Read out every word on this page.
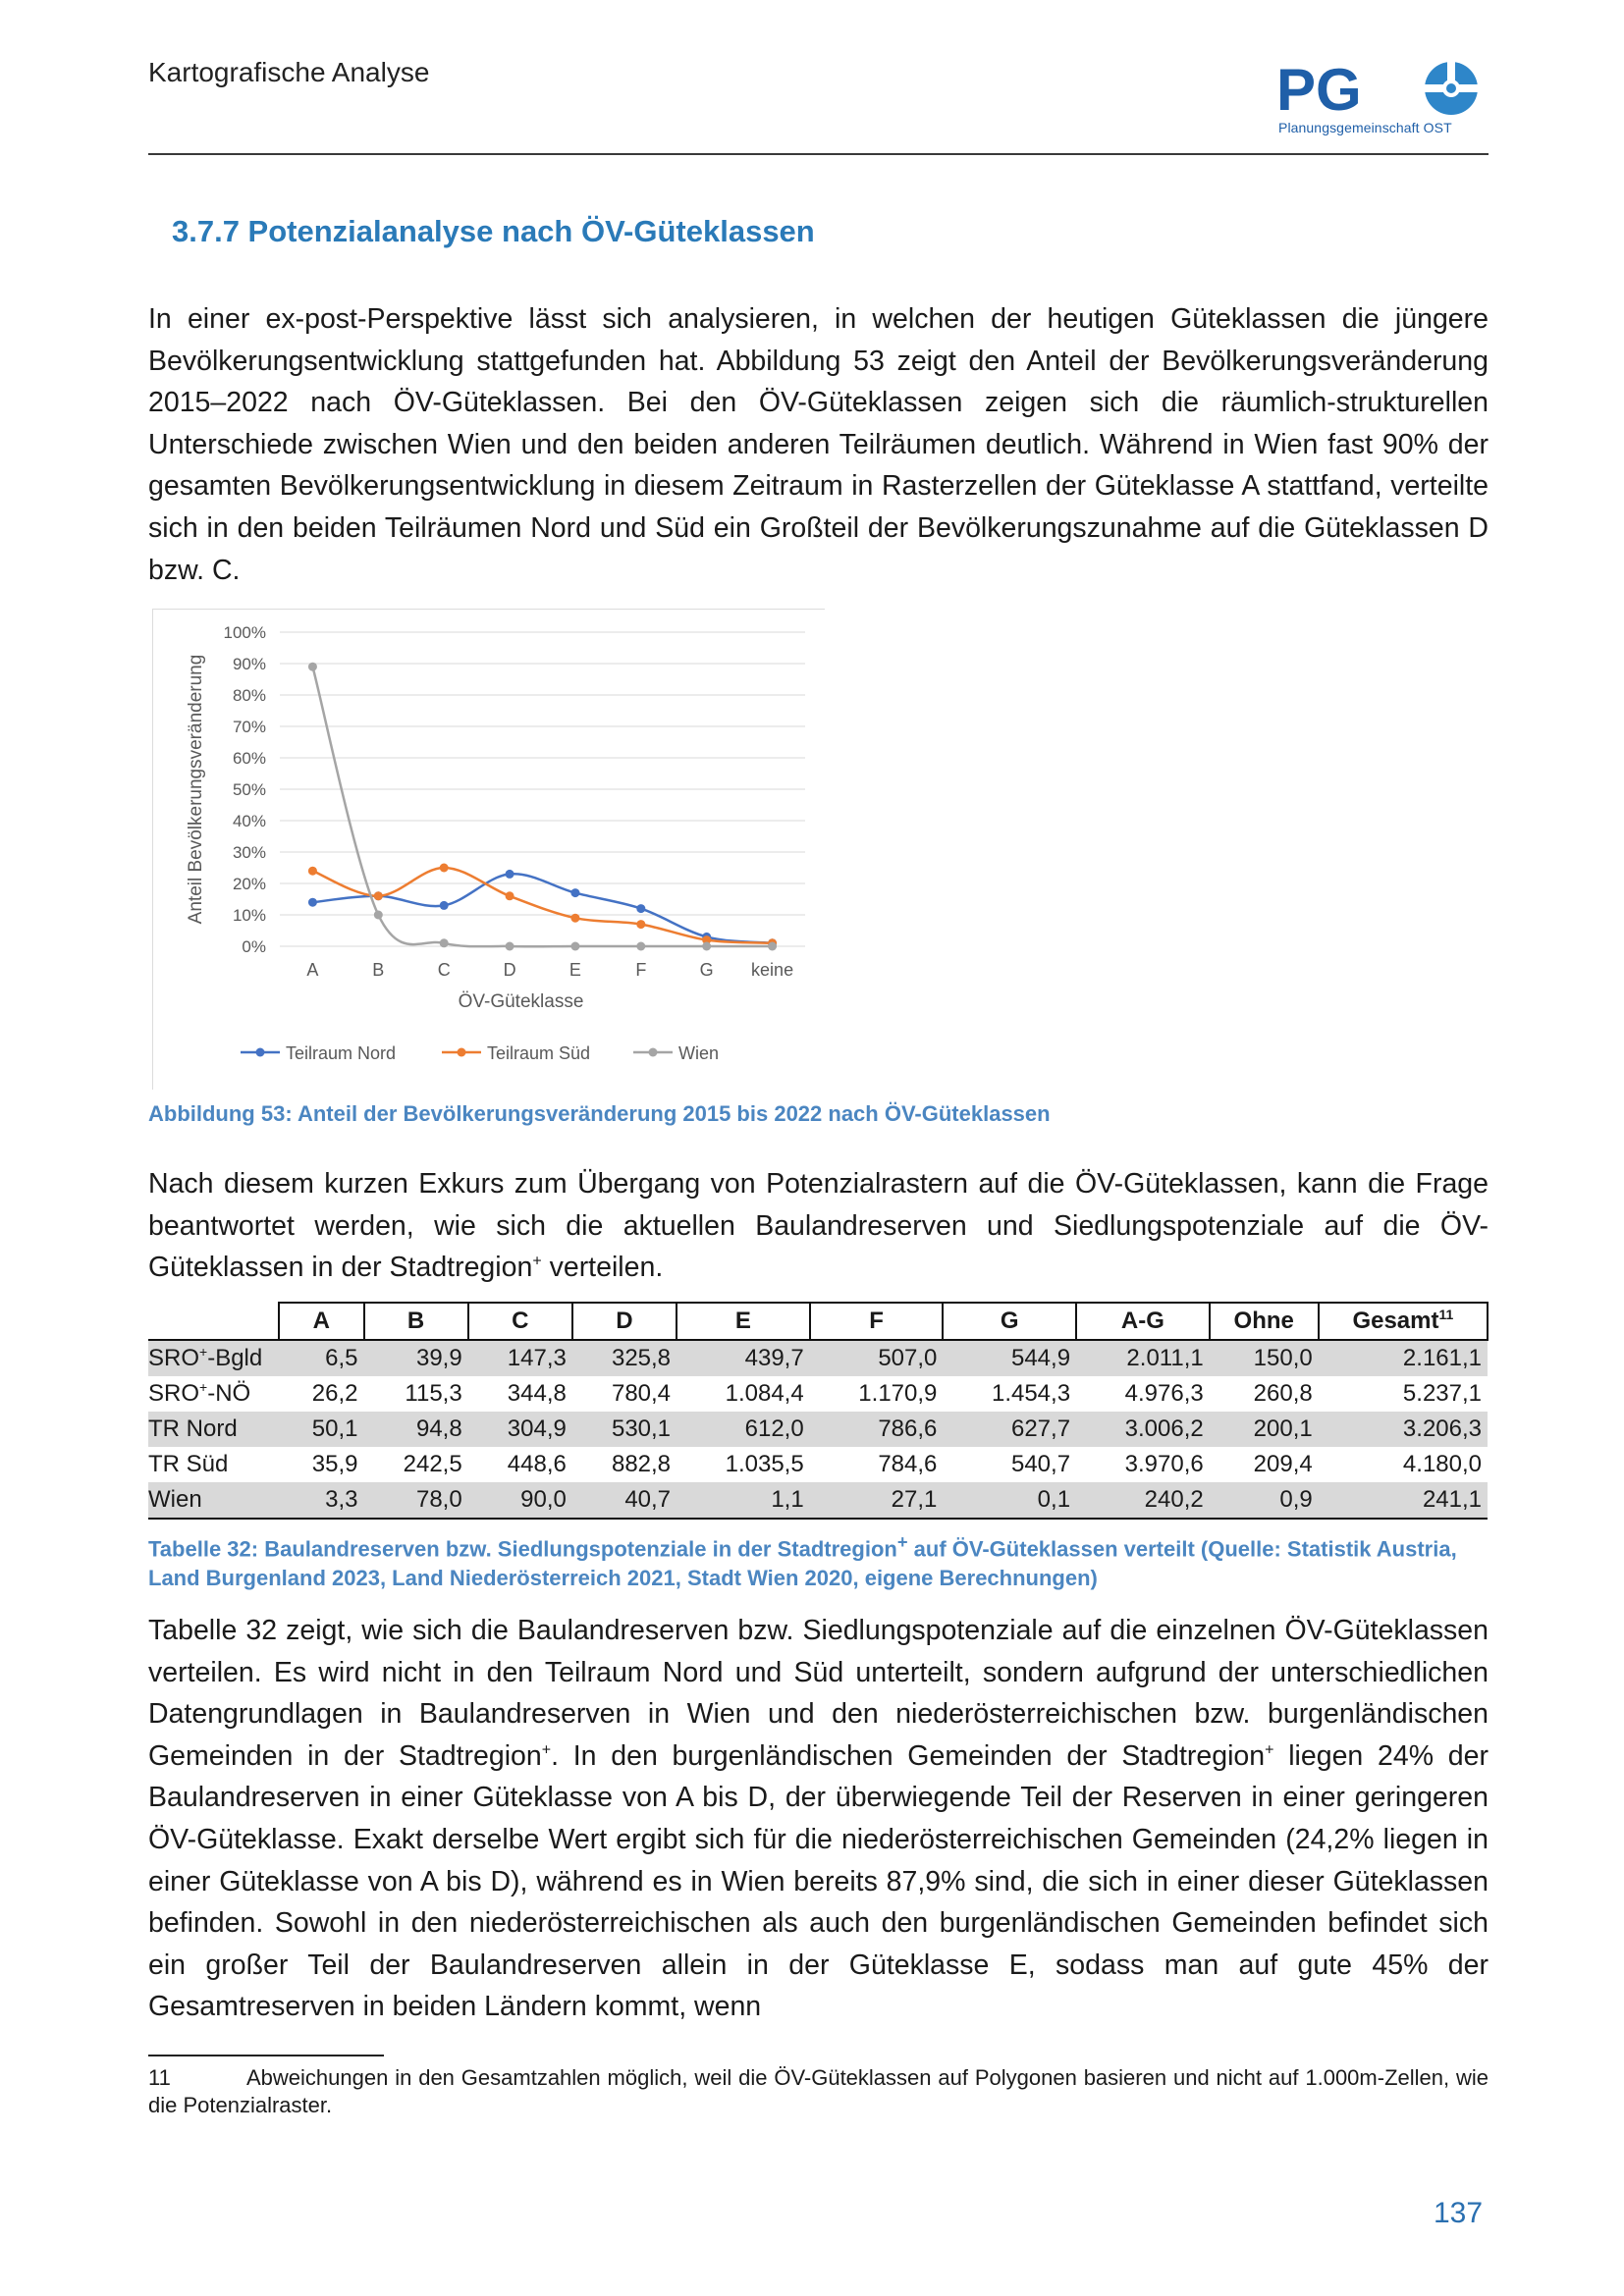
Kartografische Analyse	PG
Planungsgemeinschaft OST
3.7.7 Potenzialanalyse nach ÖV-Güteklassen
In einer ex-post-Perspektive lässt sich analysieren, in welchen der heutigen Güteklassen die jüngere Bevölkerungsentwicklung stattgefunden hat. Abbildung 53 zeigt den Anteil der Bevölkerungsveränderung 2015–2022 nach ÖV-Güteklassen. Bei den ÖV-Güteklassen zeigen sich die räumlich-strukturellen Unterschiede zwischen Wien und den beiden anderen Teilräumen deutlich. Während in Wien fast 90% der gesamten Bevölkerungsentwicklung in diesem Zeitraum in Rasterzellen der Güteklasse A stattfand, verteilte sich in den beiden Teilräumen Nord und Süd ein Großteil der Bevölkerungszunahme auf die Güteklassen D bzw. C.
0%
10%
20%
30%
40%
50%
60%
70%
80%
90%
100%
A	B	C	D	E	F	G keine
ÖV-Güteklasse
Anteil Bevölkerungsveränderung
Teilraum Nord	Teilraum Süd	Wien
Abbildung 53: Anteil der Bevölkerungsveränderung 2015 bis 2022 nach ÖV-Güteklassen
Nach diesem kurzen Exkurs zum Übergang von Potenzialrastern auf die ÖV-Güteklassen, kann die Frage beantwortet werden, wie sich die aktuellen Baulandreserven und Siedlungspotenziale auf die ÖV-Güteklassen in der Stadtregion+ verteilen.
	A	B	C	D	E	F	G	A-G	Ohne	Gesamt$^{11}$
SRO+-Bgld	6,5	39,9	147,3	325,8	439,7	507,0	544,9	2.011,1	150,0	2.161,1
SRO+-NÖ	26,2	115,3	344,8	780,4	1.084,4	1.170,9	1.454,3	4.976,3	260,8	5.237,1
TR Nord	50,1	94,8	304,9	530,1	612,0	786,6	627,7	3.006,2	200,1	3.206,3
TR Süd	35,9	242,5	448,6	882,8	1.035,5	784,6	540,7	3.970,6	209,4	4.180,0
Wien	3,3	78,0	90,0	40,7	1,1	27,1	0,1	240,2	0,9	241,1
Tabelle 32: Baulandreserven bzw. Siedlungspotenziale in der Stadtregion+ auf ÖV-Güteklassen verteilt (Quelle: Statistik Austria, Land Burgenland 2023, Land Niederösterreich 2021, Stadt Wien 2020, eigene Berechnungen)
Tabelle 32 zeigt, wie sich die Baulandreserven bzw. Siedlungspotenziale auf die einzelnen ÖV-Güteklassen verteilen. Es wird nicht in den Teilraum Nord und Süd unterteilt, sondern aufgrund der unterschiedlichen Datengrundlagen in Baulandreserven in Wien und den niederösterreichischen bzw. burgenländischen Gemeinden in der Stadtregion+. In den burgenländischen Gemeinden der Stadtregion+ liegen 24% der Baulandreserven in einer Güteklasse von A bis D, der überwiegende Teil der Reserven in einer geringeren ÖV-Güteklasse. Exakt derselbe Wert ergibt sich für die niederösterreichischen Gemeinden (24,2% liegen in einer Güteklasse von A bis D), während es in Wien bereits 87,9% sind, die sich in einer dieser Güteklassen befinden. Sowohl in den niederösterreichischen als auch den burgenländischen Gemeinden befindet sich ein großer Teil der Baulandreserven allein in der Güteklasse E, sodass man auf gute 45% der Gesamtreserven in beiden Ländern kommt, wenn
11	Abweichungen in den Gesamtzahlen möglich, weil die ÖV-Güteklassen auf Polygonen basieren und nicht auf 1.000m-Zellen, wie die Potenzialraster.
137
